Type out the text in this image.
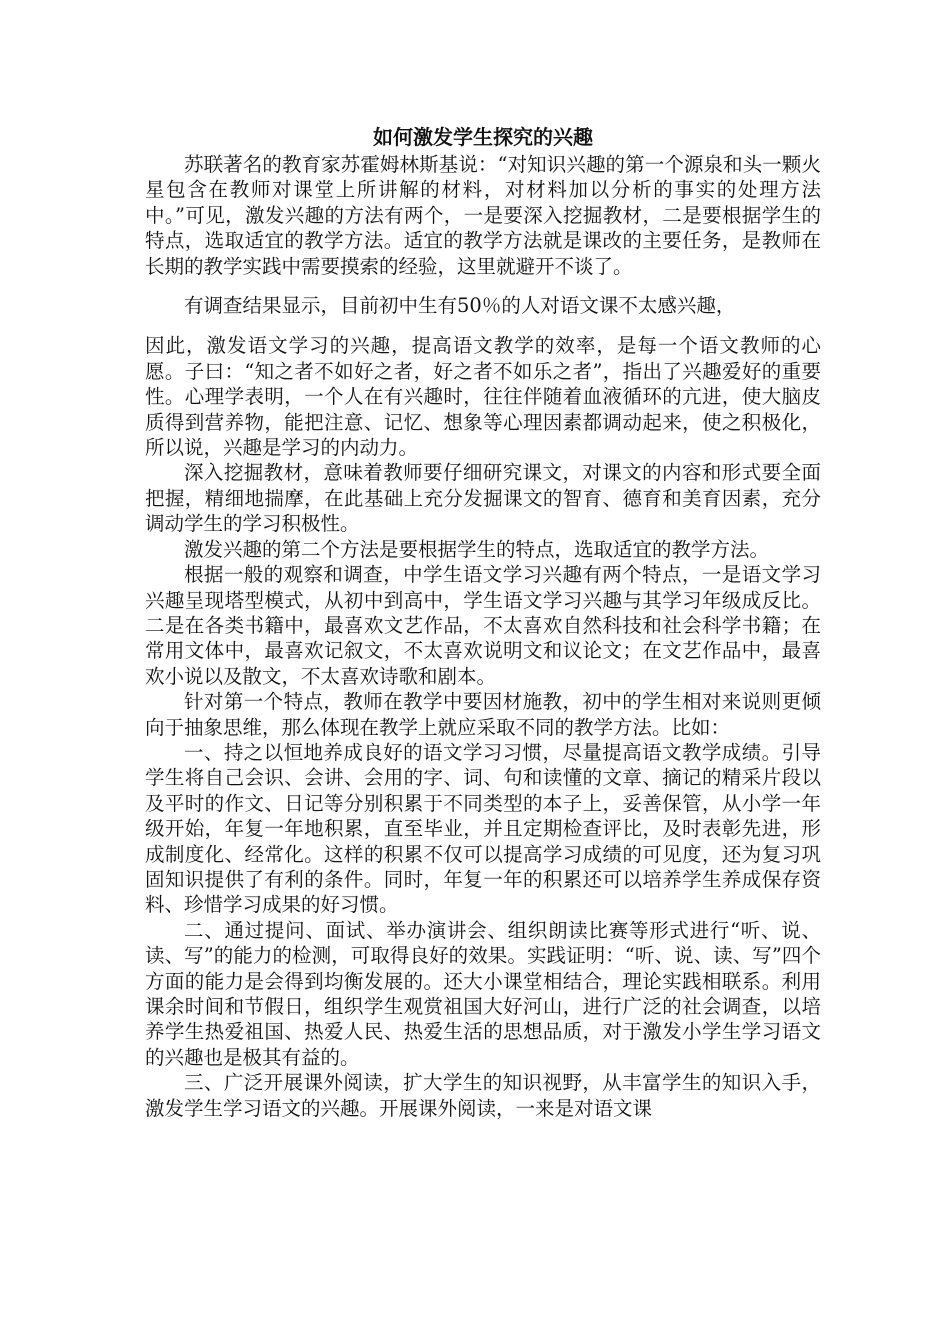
如何激发学生探究的兴趣

苏联著名的教育家苏霍姆林斯基说：“对知识兴趣的第一个源泉和头一颗火星包含在教师对课堂上所讲解的材料，对材料加以分析的事实的处理方法中。”可见，激发兴趣的方法有两个，一是要深入挖掘教材，二是要根据学生的特点，选取适宜的教学方法。适宜的教学方法就是课改的主要任务，是教师在长期的教学实践中需要摸索的经验，这里就避开不谈了。

有调查结果显示，目前初中生有50％的人对语文课不太感兴趣，

因此，激发语文学习的兴趣，提高语文教学的效率，是每一个语文教师的心愿。子曰：“知之者不如好之者，好之者不如乐之者”，指出了兴趣爱好的重要性。心理学表明，一个人在有兴趣时，往往伴随着血液循环的亢进，使大脑皮质得到营养物，能把注意、记忆、想象等心理因素都调动起来，使之积极化，所以说，兴趣是学习的内动力。

深入挖掘教材，意味着教师要仔细研究课文，对课文的内容和形式要全面把握，精细地揣摩，在此基础上充分发掘课文的智育、德育和美育因素，充分调动学生的学习积极性。

激发兴趣的第二个方法是要根据学生的特点，选取适宜的教学方法。

根据一般的观察和调查，中学生语文学习兴趣有两个特点，一是语文学习兴趣呈现塔型模式，从初中到高中，学生语文学习兴趣与其学习年级成反比。二是在各类书籍中，最喜欢文艺作品，不太喜欢自然科技和社会科学书籍；在常用文体中，最喜欢记叙文，不太喜欢说明文和议论文；在文艺作品中，最喜欢小说以及散文，不太喜欢诗歌和剧本。

针对第一个特点，教师在教学中要因材施教，初中的学生相对来说则更倾向于抽象思维，那么体现在教学上就应采取不同的教学方法。比如：

一、持之以恒地养成良好的语文学习习惯，尽量提高语文教学成绩。引导学生将自己会识、会讲、会用的字、词、句和读懂的文章、摘记的精采片段以及平时的作文、日记等分别积累于不同类型的本子上，妥善保管，从小学一年级开始，年复一年地积累，直至毕业，并且定期检查评比，及时表彰先进，形成制度化、经常化。这样的积累不仅可以提高学习成绩的可见度，还为复习巩固知识提供了有利的条件。同时，年复一年的积累还可以培养学生养成保存资料、珍惜学习成果的好习惯。

二、通过提问、面试、举办演讲会、组织朗读比赛等形式进行“听、说、读、写”的能力的检测，可取得良好的效果。实践证明：“听、说、读、写”四个方面的能力是会得到均衡发展的。还大小课堂相结合，理论实践相联系。利用课余时间和节假日，组织学生观赏祖国大好河山，进行广泛的社会调查，以培养学生热爱祖国、热爱人民、热爱生活的思想品质，对于激发小学生学习语文的兴趣也是极其有益的。

三、广泛开展课外阅读，扩大学生的知识视野，从丰富学生的知识入手，激发学生学习语文的兴趣。开展课外阅读，一来是对语文课
